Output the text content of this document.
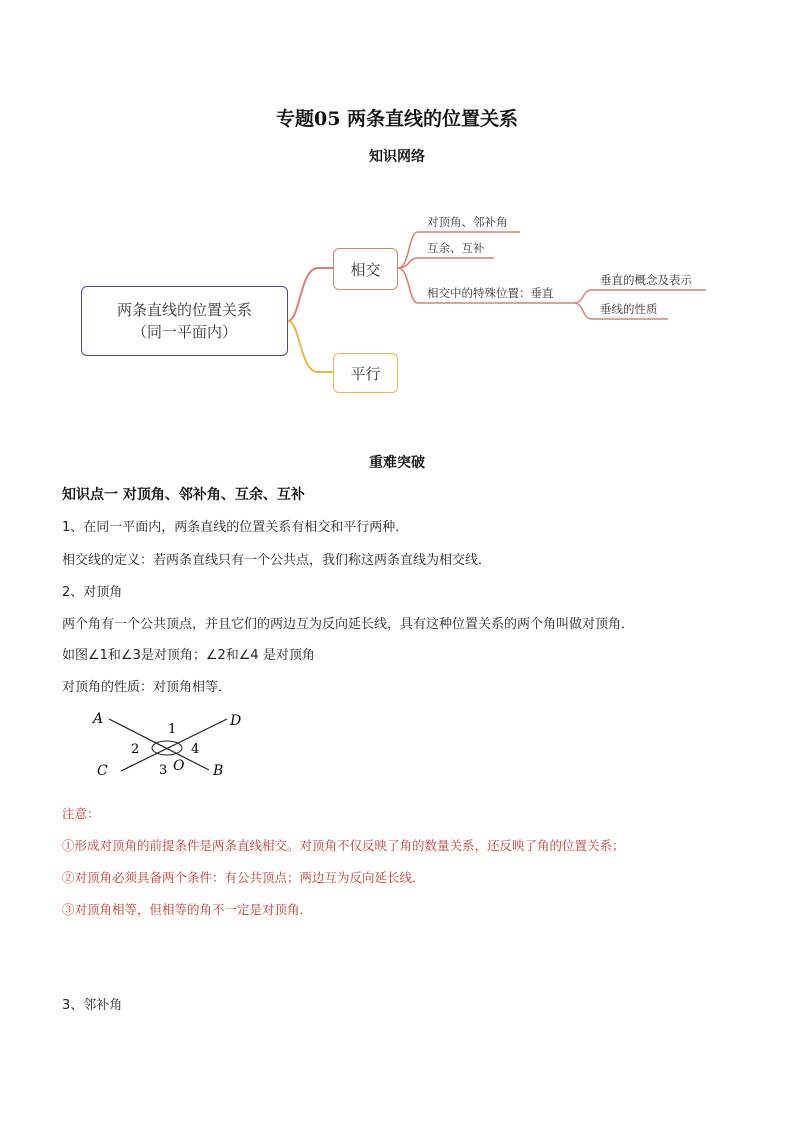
专题05 两条直线的位置关系
知识网络
两条直线的位置关系（同一平面内）
相交
平行
对顶角、邻补角
互余、互补
相交中的特殊位置：垂直
垂直的概念及表示
垂线的性质
重难突破
知识点一 对顶角、邻补角、互余、互补
1、在同一平面内，两条直线的位置关系有相交和平行两种．
相交线的定义：若两条直线只有一个公共点，我们称这两条直线为相交线．
2、对顶角
两个角有一个公共顶点，并且它们的两边互为反向延长线，具有这种位置关系的两个角叫做对顶角．
如图∠1和∠3是对顶角；∠2和∠4 是对顶角
对顶角的性质：对顶角相等．
A	D
C	B
O
1
2
3
4
注意：
①形成对顶角的前提条件是两条直线相交。对顶角不仅反映了角的数量关系，还反映了角的位置关系；
②对顶角必须具备两个条件：有公共顶点；两边互为反向延长线．
③对顶角相等，但相等的角不一定是对顶角．
3、邻补角
